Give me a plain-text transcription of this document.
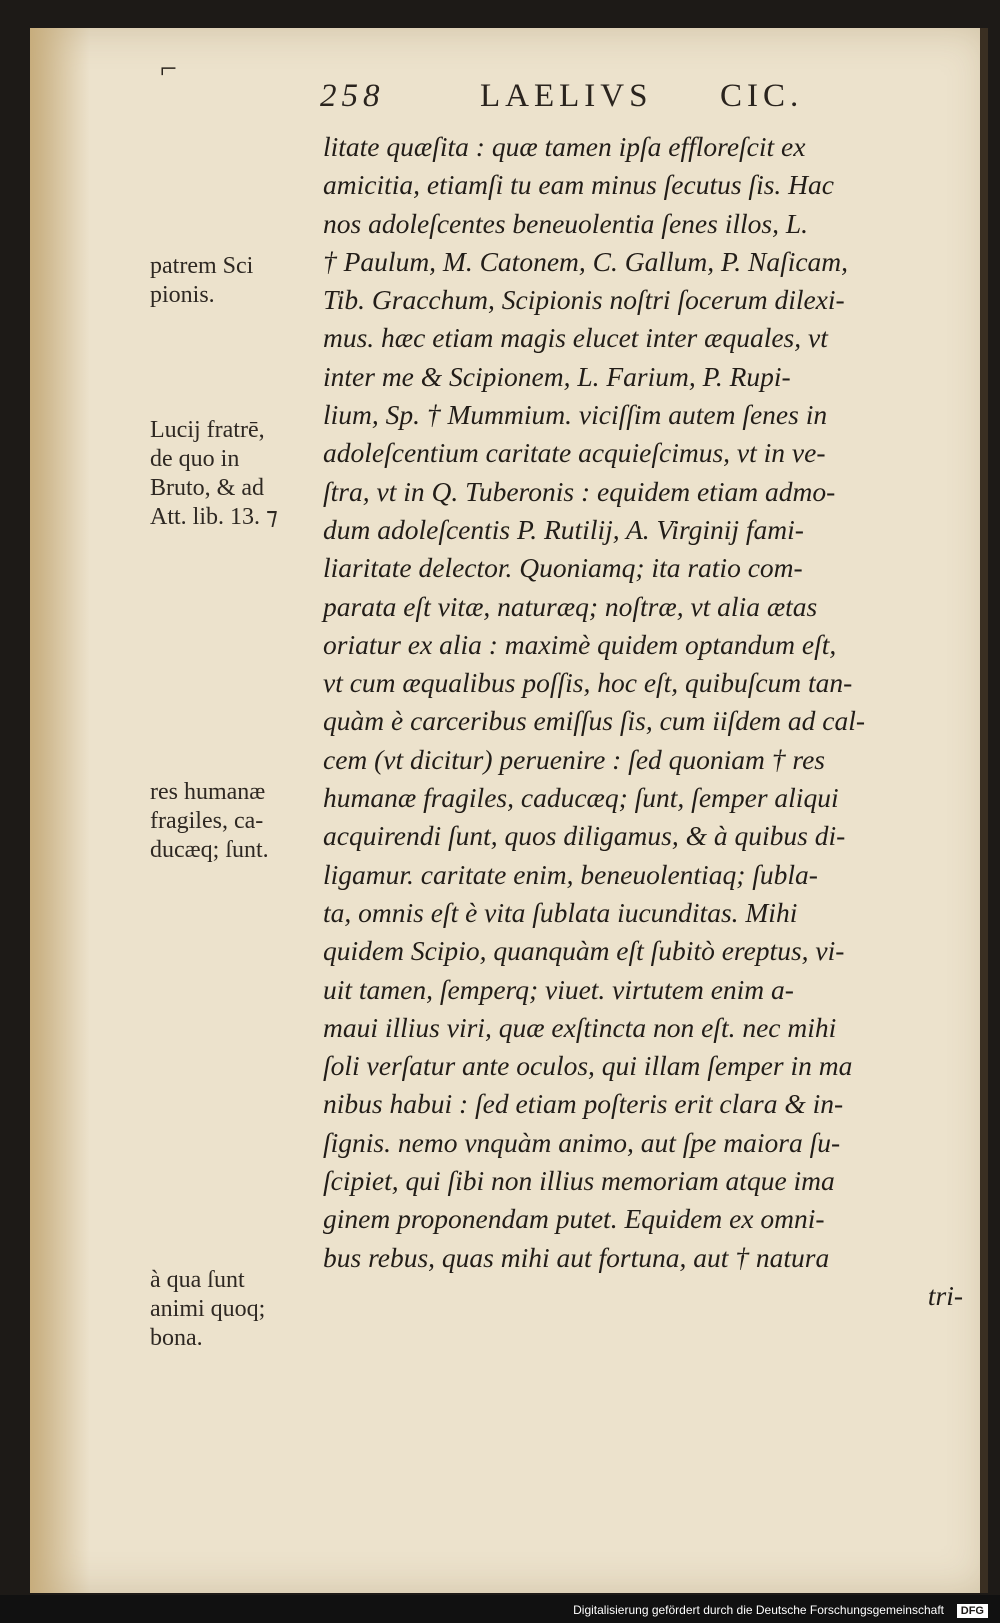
⌐
258	LAELIVS CIC.
litate quæſita : quæ tamen ipſa effloreſcit ex
amicitia, etiamſi tu eam minus ſecutus ſis. Hac
nos adoleſcentes beneuolentia ſenes illos, L.
† Paulum, M. Catonem, C. Gallum, P. Naſicam,
Tib. Gracchum, Scipionis noſtri ſocerum dilexi-
mus. hæc etiam magis elucet inter æquales, vt
inter me & Scipionem, L. Farium, P. Rupi-
lium, Sp. † Mummium. viciſſim autem ſenes in
adoleſcentium caritate acquieſcimus, vt in ve-
ſtra, vt in Q. Tuberonis : equidem etiam admo-
dum adoleſcentis P. Rutilij, A. Virginij fami-
liaritate delector. Quoniamq; ita ratio com-
parata eſt vitæ, naturæq; noſtræ, vt alia ætas
oriatur ex alia : maximè quidem optandum eſt,
vt cum æqualibus poſſis, hoc eſt, quibuſcum tan-
quàm è carceribus emiſſus ſis, cum iiſdem ad cal-
cem (vt dicitur) peruenire : ſed quoniam † res
humanæ fragiles, caducæq; ſunt, ſemper aliqui
acquirendi ſunt, quos diligamus, & à quibus di-
ligamur. caritate enim, beneuolentiaq; ſubla-
ta, omnis eſt è vita ſublata iucunditas. Mihi
quidem Scipio, quanquàm eſt ſubitò ereptus, vi-
uit tamen, ſemperq; viuet. virtutem enim a-
maui illius viri, quæ exſtincta non eſt. nec mihi
ſoli verſatur ante oculos, qui illam ſemper in ma
nibus habui : ſed etiam poſteris erit clara & in-
ſignis. nemo vnquàm animo, aut ſpe maiora ſu-
ſcipiet, qui ſibi non illius memoriam atque ima
ginem proponendam putet. Equidem ex omni-
bus rebus, quas mihi aut fortuna, aut † natura
tri-
patrem Sci
pionis.
Lucij fratrē,
de quo in
Bruto, & ad
Att. lib. 13. ⁊
res humanæ
fragiles, ca-
ducæq; ſunt.
à qua ſunt
animi quoq;
bona.
Digitalisierung gefördert durch die Deutsche Forschungsgemeinschaft	DFG
